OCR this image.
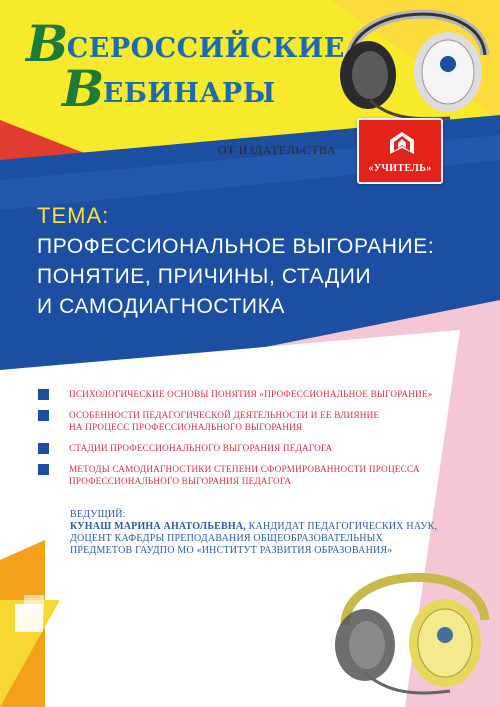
ВСЕРОССИЙСКИЕ
ВЕБИНАРЫ
ОТ ИЗДАТЕЛЬСТВА
«УЧИТЕЛЬ»
ТЕМА:
ПРОФЕССИОНАЛЬНОЕ ВЫГОРАНИЕ:
ПОНЯТИЕ, ПРИЧИНЫ, СТАДИИ
И САМОДИАГНОСТИКА
ПСИХОЛОГИЧЕСКИЕ ОСНОВЫ ПОНЯТИЯ «ПРОФЕССИОНАЛЬНОЕ ВЫГОРАНИЕ»
ОСОБЕННОСТИ ПЕДАГОГИЧЕСКОЙ ДЕЯТЕЛЬНОСТИ И ЕЕ ВЛИЯНИЕ
НА ПРОЦЕСС ПРОФЕССИОНАЛЬНОГО ВЫГОРАНИЯ
СТАДИИ ПРОФЕССИОНАЛЬНОГО ВЫГОРАНИЯ ПЕДАГОГА
МЕТОДЫ САМОДИАГНОСТИКИ СТЕПЕНИ СФОРМИРОВАННОСТИ ПРОЦЕССА
ПРОФЕССИОНАЛЬНОГО ВЫГОРАНИЯ ПЕДАГОГА
ВЕДУЩИЙ:
КУНАШ МАРИНА АНАТОЛЬЕВНА, КАНДИДАТ ПЕДАГОГИЧЕСКИХ НАУК,
ДОЦЕНТ КАФЕДРЫ ПРЕПОДАВАНИЯ ОБЩЕОБРАЗОВАТЕЛЬНЫХ
ПРЕДМЕТОВ ГАУДПО МО «ИНСТИТУТ РАЗВИТИЯ ОБРАЗОВАНИЯ»
